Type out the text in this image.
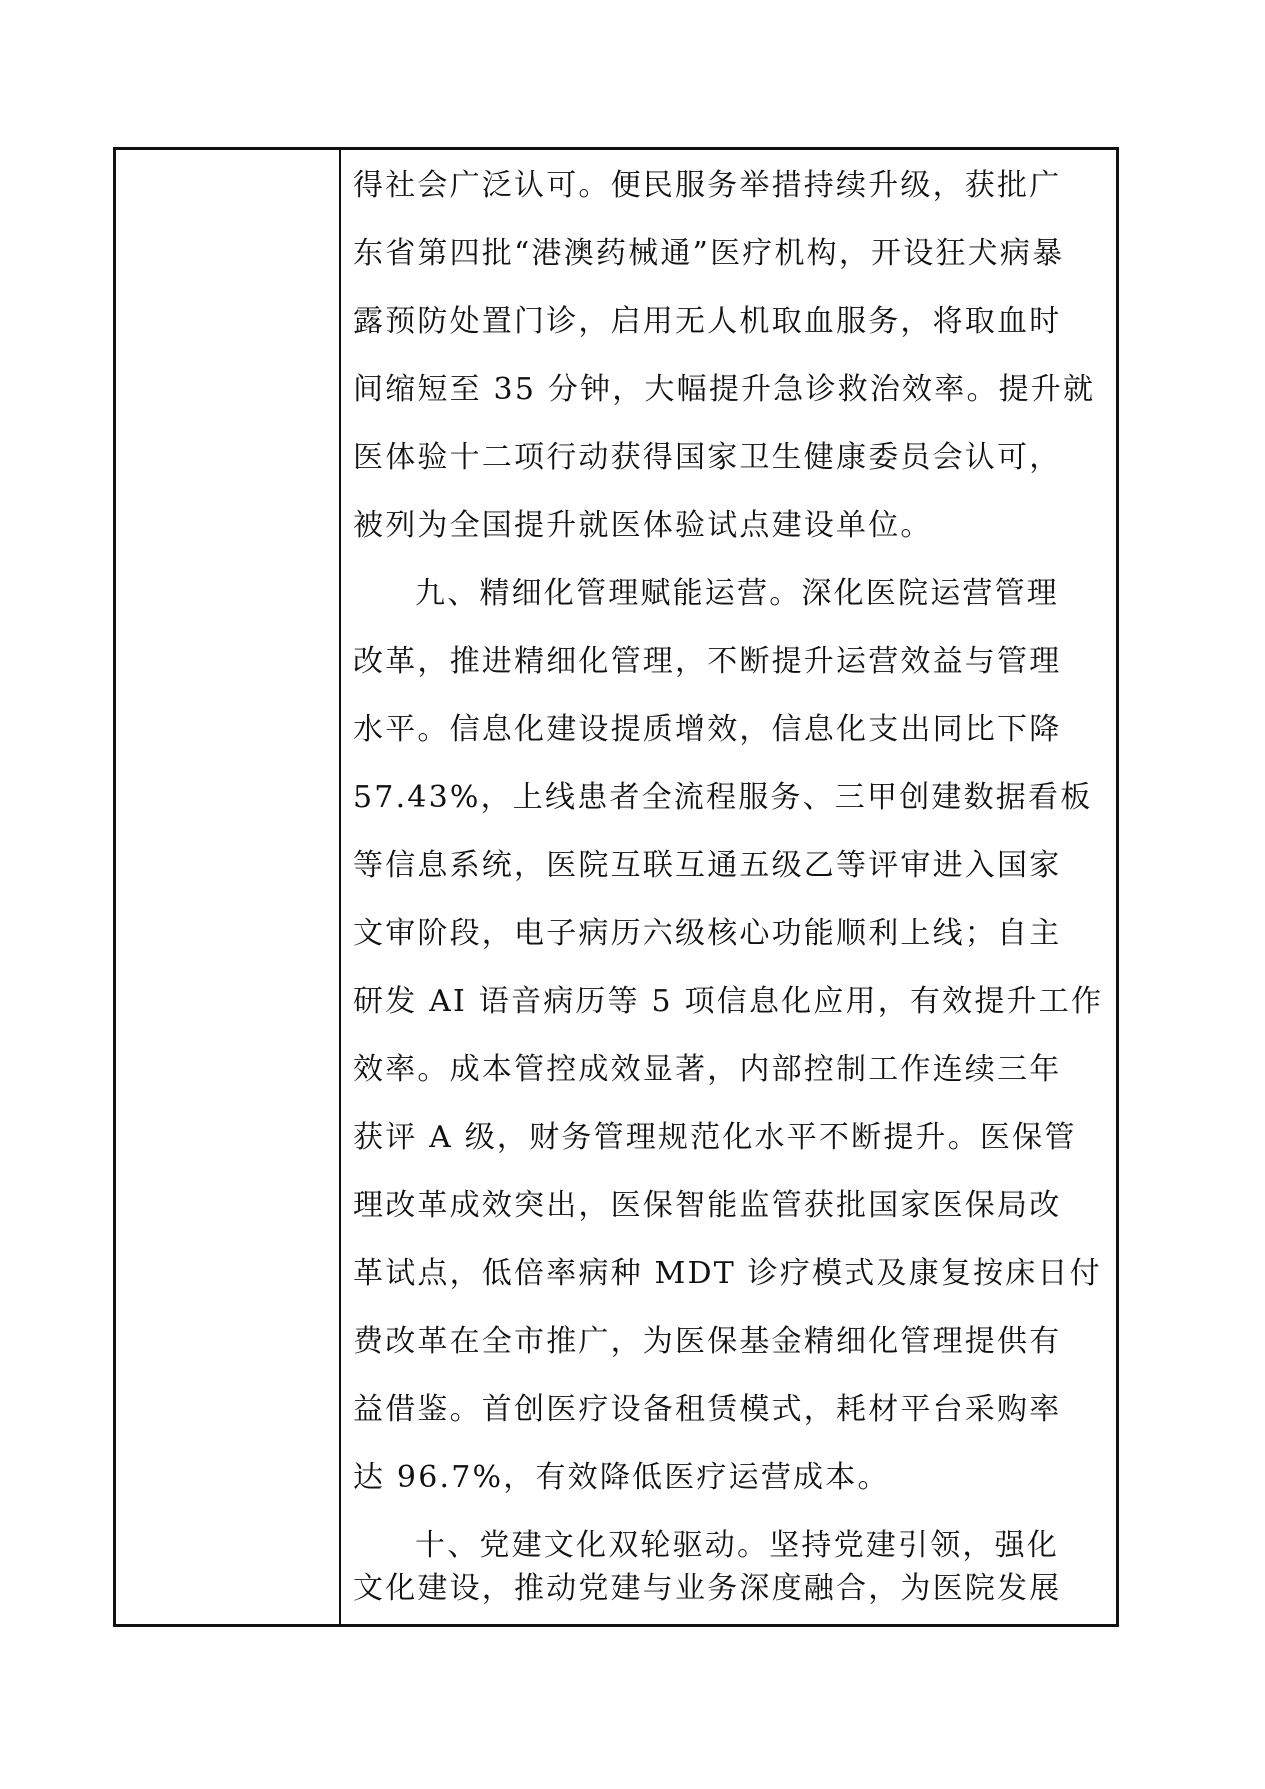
得社会广泛认可。便民服务举措持续升级，获批广
东省第四批“港澳药械通”医疗机构，开设狂犬病暴
露预防处置门诊，启用无人机取血服务，将取血时
间缩短至 35 分钟，大幅提升急诊救治效率。提升就
医体验十二项行动获得国家卫生健康委员会认可，
被列为全国提升就医体验试点建设单位。
九、精细化管理赋能运营。深化医院运营管理
改革，推进精细化管理，不断提升运营效益与管理
水平。信息化建设提质增效，信息化支出同比下降
57.43%，上线患者全流程服务、三甲创建数据看板
等信息系统，医院互联互通五级乙等评审进入国家
文审阶段，电子病历六级核心功能顺利上线；自主
研发 AI 语音病历等 5 项信息化应用，有效提升工作
效率。成本管控成效显著，内部控制工作连续三年
获评 A 级，财务管理规范化水平不断提升。医保管
理改革成效突出，医保智能监管获批国家医保局改
革试点，低倍率病种 MDT 诊疗模式及康复按床日付
费改革在全市推广，为医保基金精细化管理提供有
益借鉴。首创医疗设备租赁模式，耗材平台采购率
达 96.7%，有效降低医疗运营成本。
十、党建文化双轮驱动。坚持党建引领，强化
文化建设，推动党建与业务深度融合，为医院发展
